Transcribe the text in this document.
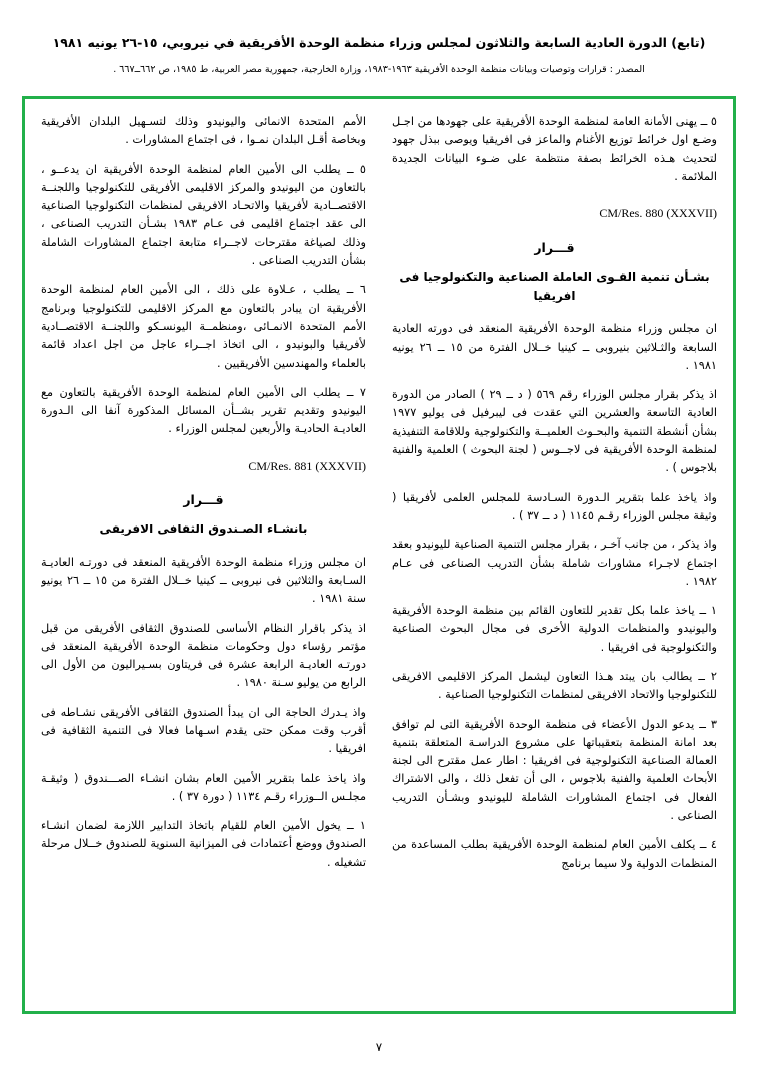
(تابع) الدورة العادية السابعة والثلاثون لمجلس وزراء منظمة الوحدة الأفريقية في نيروبي، ١٥-٢٦ يونيه ١٩٨١
المصدر : قرارات وتوصيات وبيانات منظمة الوحدة الأفريقية ١٩٦٣-١٩٨٣، وزارة الخارجية، جمهورية مصر العربية، ط ١٩٨٥، ص ٦٦٢ــ٦٦٧ .

٥ ــ يهنى الأمانة العامة لمنظمة الوحدة الأفريقية على جهودها من اجـل وضـع اول خرائط توزيع الأغنام والماعز فى افريقيا ويوصى ببذل جهود لتحديث هـذه الخرائط بصفة منتظمة على ضـوء البيانات الجديدة الملائمة .

CM/Res. 880 (XXXVII)
قـــرار
بشـأن تنمية القـوى العاملة الصناعية والتكنولوجيا فى افريقيا

ان مجلس وزراء منظمة الوحدة الأفريقية المنعقد فى دورته العادية السابعة والثـلاثين بنيروبى ــ كينيا خــلال الفترة من ١٥ ــ ٢٦ يونيه ١٩٨١ .

اذ يذكر بقرار مجلس الوزراء رقم ٥٦٩ ( د ــ ٢٩ ) الصادر من الدورة العادية التاسعة والعشرين التي عقدت فى ليبرفيل فى يوليو ١٩٧٧ بشأن أنشطة التنمية والبحـوث العلميــة والتكنولوجية وللاقامة التنفيذية لمنظمة الوحدة الأفريقية فى لاجــوس ( لجنة البحوث ) العلمية والفنية بلاجوس ) .

واذ ياخذ علما بتقرير الـدورة السـادسة للمجلس العلمى لأفريقيا ( وثيقة مجلس الوزراء رقـم ١١٤٥ ( د ــ ٣٧ ) .

واذ يذكر ، من جانب آخـر ، بقرار مجلس التنمية الصناعية لليونيدو بعقد اجتماع لاجـراء مشاورات شاملة بشأن التدريب الصناعى فى عـام ١٩٨٢ .

١ ــ ياخذ علما بكل تقدير للتعاون القائم بين منظمة الوحدة الأفريقية واليونيدو والمنظمات الدولية الأخرى فى مجال البحوث الصناعية والتكنولوجية فى افريقيا .

٢ ــ يطالب بان يبتد هـذا التعاون ليشمل المركز الاقليمى الافريقى للتكنولوجيا والاتحاد الافريقى لمنظمات التكنولوجيا الصناعية .

٣ ــ يدعو الدول الأعضاء فى منظمة الوحدة الأفريقية التى لم توافق بعد امانة المنظمة بتعقيباتها على مشروع الدراسـة المتعلقة بتنمية العمالة الصناعية التكنولوجية فى افريقيا : اطار عمل مقترح الى لجنة الأبحاث العلمية والفنية بلاجوس ، الى أن تفعل ذلك ، والى الاشتراك الفعال فى اجتماع المشاورات الشاملة لليونيدو وبشـأن التدريب الصناعى .

٤ ــ يكلف الأمين العام لمنظمة الوحدة الأفريقية بطلب المساعدة من المنظمات الدولية ولا سيما برنامج

الأمم المتحدة الانمائى واليونيدو وذلك لتسـهيل البلدان الأفريقية وبخاصة أقـل البلدان نمـوا ، فى اجتماع المشاورات .

٥ ــ يطلب الى الأمين العام لمنظمة الوحدة الأفريقية ان يدعــو ، بالتعاون من اليونيدو والمركز الاقليمى الأفريقى للتكنولوجيا واللجنــة الاقتصــادية لأفريقيا والاتحـاد الافريقى لمنظمات التكنولوجيا الصناعية الى عقد اجتماع اقليمى فى عـام ١٩٨٣ بشـأن التدريب الصناعى ، وذلك لصياغة مقترحات لاجــراء متابعة اجتماع المشاورات الشاملة بشأن التدريب الصناعى .

٦ ــ يطلب ، عـلاوة على ذلك ، الى الأمين العام لمنظمة الوحدة الأفريقية ان يبادر بالتعاون مع المركز الاقليمى للتكنولوجيا وبرنامج الأمم المتحدة الانمـائى ،ومنظمــة اليونسـكو واللجنــة الاقتصــادية لأفريقيا والبونيدو ، الى اتخاذ اجــراء عاجل من اجل اعداد قائمة بالعلماء والمهندسين الأفريقيين .

٧ ــ يطلب الى الأمين العام لمنظمة الوحدة الأفريقية بالتعاون مع اليونيدو وتقديم تقرير بشــأن المسائل المذكورة آنفا الى الـدورة العاديـة الحاديـة والأربعين لمجلس الوزراء .

CM/Res. 881 (XXXVII)
قـــرار
بانشـاء الصـندوق الثقافى الافريقى

ان مجلس وزراء منظمة الوحدة الأفريقية المنعقد فى دورتـه العاديـة السـابعة والثلاثين فى نيروبى ــ كينيا خــلال الفترة من ١٥ ــ ٢٦ يونيو سنة ١٩٨١ .

اذ يذكر باقرار النظام الأساسى للصندوق الثقافى الأفريقى من قبل مؤتمر رؤساء دول وحكومات منظمة الوحدة الأفريقية المنعقد فى دورتـه العاديـة الرابعة عشرة فى فريتاون بسـيراليون من الأول الى الرابع من يوليو سـنة ١٩٨٠ .

واذ يـدرك الحاجة الى ان يبدأ الصندوق الثقافى الأفريقى نشـاطه فى أقرب وقت ممكن حتى يقدم اسـهاما فعالا فى التنمية الثقافية فى افريقيا .

واذ ياخذ علما بتقرير الأمين العام بشان انشـاء الصـــندوق ( وثيقـة مجلـس الــوزراء رقـم ١١٣٤ ( دورة ٣٧ ) .

١ ــ يخول الأمين العام للقيام باتخاذ التدابير اللازمة لضمان انشـاء الصندوق ووضع أعتمادات فى الميزانية السنوية للصندوق خــلال مرحلة تشغيله .

٧
